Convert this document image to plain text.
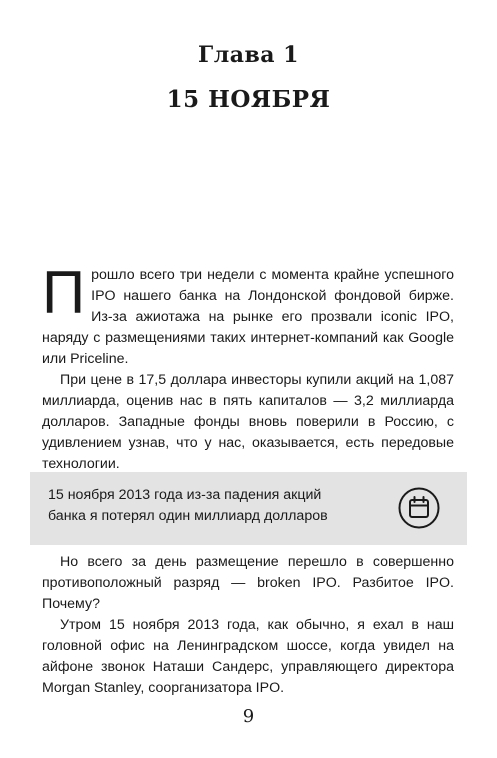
Глава 1
15 НОЯБРЯ

Прошло всего три недели с момента крайне успешного IPO нашего банка на Лондонской фондовой бирже. Из-за ажиотажа на рынке его прозвали iconic IPO, наряду с размещениями таких интернет-компаний как Google или Priceline.

При цене в 17,5 доллара инвесторы купили акций на 1,087 миллиарда, оценив нас в пять капиталов — 3,2 миллиарда долларов. Западные фонды вновь поверили в Россию, с удивлением узнав, что у нас, оказывается, есть передовые технологии.

15 ноября 2013 года из-за падения акций
банка я потерял один миллиард долларов

Но всего за день размещение перешло в совершенно противоположный разряд — broken IPO. Разбитое IPO. Почему?

Утром 15 ноября 2013 года, как обычно, я ехал в наш головной офис на Ленинградском шоссе, когда увидел на айфоне звонок Наташи Сандерс, управляющего директора Morgan Stanley, соорганизатора IPO.

9
